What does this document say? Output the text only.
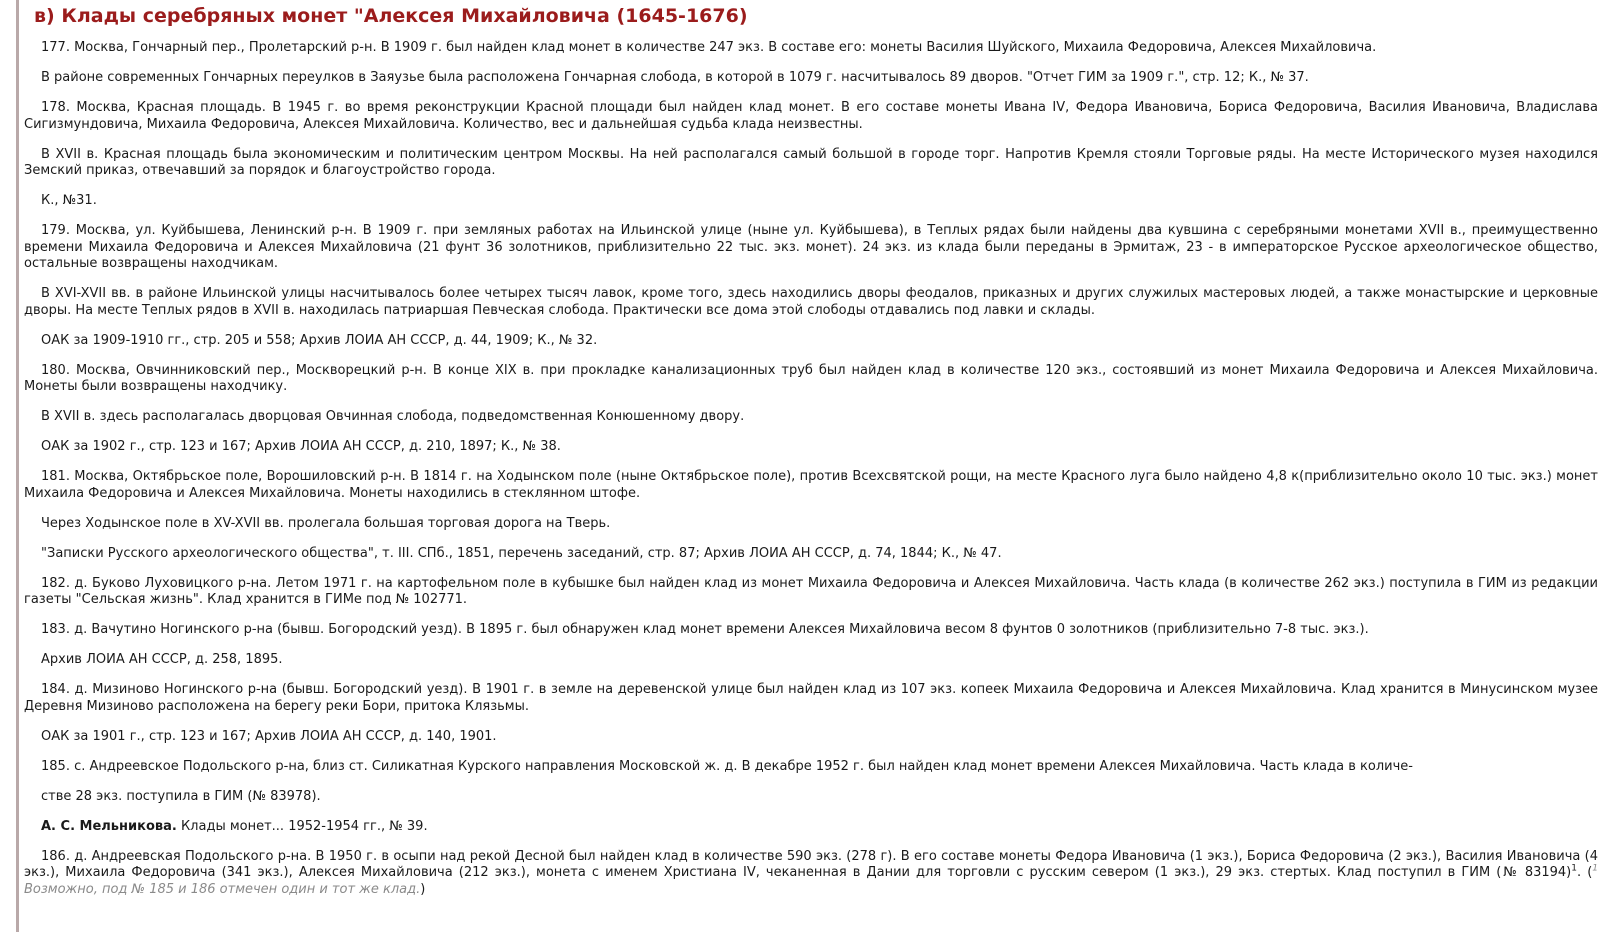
в) Клады серебряных монет "Алексея Михайловича (1645-1676)

177. Москва, Гончарный пер., Пролетарский р-н. В 1909 г. был найден клад монет в количестве 247 экз. В составе его: монеты Василия Шуйского, Михаила Федоровича, Алексея Михайловича.

В районе современных Гончарных переулков в Заяузье была расположена Гончарная слобода, в которой в 1079 г. насчитывалось 89 дворов. "Отчет ГИМ за 1909 г.", стр. 12; К., № 37.

178. Москва, Красная площадь. В 1945 г. во время реконструкции Красной площади был найден клад монет. В его составе монеты Ивана IV, Федора Ивановича, Бориса Федоровича, Василия Ивановича, Владислава Сигизмундовича, Михаила Федоровича, Алексея Михайловича. Количество, вес и дальнейшая судьба клада неизвестны.

В XVII в. Красная площадь была экономическим и политическим центром Москвы. На ней располагался самый большой в городе торг. Напротив Кремля стояли Торговые ряды. На месте Исторического музея находился Земский приказ, отвечавший за порядок и благоустройство города.

К., №31.

179. Москва, ул. Куйбышева, Ленинский р-н. В 1909 г. при земляных работах на Ильинской улице (ныне ул. Куйбышева), в Теплых рядах были найдены два кувшина с серебряными монетами XVII в., преимущественно времени Михаила Федоровича и Алексея Михайловича (21 фунт 36 золотников, приблизительно 22 тыс. экз. монет). 24 экз. из клада были переданы в Эрмитаж, 23 - в императорское Русское археологическое общество, остальные возвращены находчикам.

В XVI-XVII вв. в районе Ильинской улицы насчитывалось более четырех тысяч лавок, кроме того, здесь находились дворы феодалов, приказных и других служилых мастеровых людей, а также монастырские и церковные дворы. На месте Теплых рядов в XVII в. находилась патриаршая Певческая слобода. Практически все дома этой слободы отдавались под лавки и склады.

ОАК за 1909-1910 гг., стр. 205 и 558; Архив ЛОИА АН СССР, д. 44, 1909; К., № 32.

180. Москва, Овчинниковский пер., Москворецкий р-н. В конце XIX в. при прокладке канализационных труб был найден клад в количестве 120 экз., состоявший из монет Михаила Федоровича и Алексея Михайловича. Монеты были возвращены находчику.

В XVII в. здесь располагалась дворцовая Овчинная слобода, подведомственная Конюшенному двору.

ОАК за 1902 г., стр. 123 и 167; Архив ЛОИА АН СССР, д. 210, 1897; К., № 38.

181. Москва, Октябрьское поле, Ворошиловский р-н. В 1814 г. на Ходынском поле (ныне Октябрьское поле), против Всехсвятской рощи, на месте Красного луга было найдено 4,8 к(приблизительно около 10 тыс. экз.) монет Михаила Федоровича и Алексея Михайловича. Монеты находились в стеклянном штофе.

Через Ходынское поле в XV-XVII вв. пролегала большая торговая дорога на Тверь.

"Записки Русского археологического общества", т. III. СПб., 1851, перечень заседаний, стр. 87; Архив ЛОИА АН СССР, д. 74, 1844; К., № 47.

182. д. Буково Луховицкого р-на. Летом 1971 г. на картофельном поле в кубышке был найден клад из монет Михаила Федоровича и Алексея Михайловича. Часть клада (в количестве 262 экз.) поступила в ГИМ из редакции газеты "Сельская жизнь". Клад хранится в ГИМе под № 102771.

183. д. Вачутино Ногинского р-на (бывш. Богородский уезд). В 1895 г. был обнаружен клад монет времени Алексея Михайловича весом 8 фунтов 0 золотников (приблизительно 7-8 тыс. экз.).

Архив ЛОИА АН СССР, д. 258, 1895.

184. д. Мизиново Ногинского р-на (бывш. Богородский уезд). В 1901 г. в земле на деревенской улице был найден клад из 107 экз. копеек Михаила Федоровича и Алексея Михайловича. Клад хранится в Минусинском музее Деревня Мизиново расположена на берегу реки Бори, притока Клязьмы.

ОАК за 1901 г., стр. 123 и 167; Архив ЛОИА АН СССР, д. 140, 1901.

185. с. Андреевское Подольского р-на, близ ст. Силикатная Курского направления Московской ж. д. В декабре 1952 г. был найден клад монет времени Алексея Михайловича. Часть клада в количе-

стве 28 экз. поступила в ГИМ (№ 83978).

А. С. Мельникова. Клады монет... 1952-1954 гг., № 39.

186. д. Андреевская Подольского р-на. В 1950 г. в осыпи над рекой Десной был найден клад в количестве 590 экз. (278 г). В его составе монеты Федора Ивановича (1 экз.), Бориса Федоровича (2 экз.), Василия Ивановича (4 экз.), Михаила Федоровича (341 экз.), Алексея Михайловича (212 экз.), монета с именем Христиана IV, чеканенная в Дании для торговли с русским севером (1 экз.), 29 экз. стертых. Клад поступил в ГИМ (№ 83194)$^1$. ($^1$ Возможно, под № 185 и 186 отмечен один и тот же клад.)
